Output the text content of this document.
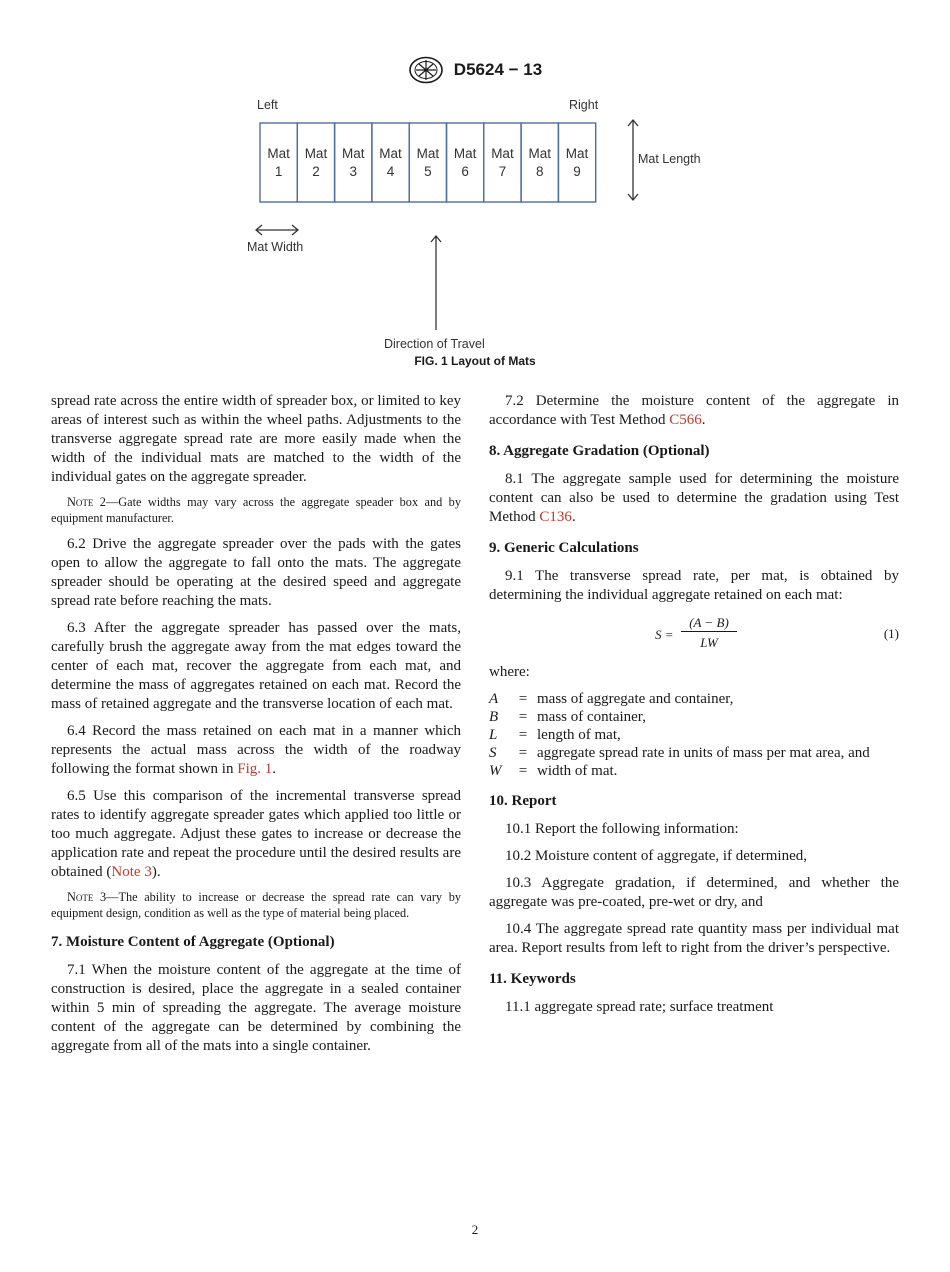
D5624 − 13
Left	Right
Mat
1
Mat
2
Mat
3
Mat
4
Mat
5
Mat
6
Mat
7
Mat
8
Mat
9
Mat Length
Mat Width
Direction of Travel
FIG. 1 Layout of Mats

spread rate across the entire width of spreader box, or limited to key areas of interest such as within the wheel paths. Adjustments to the transverse aggregate spread rate are more easily made when the width of the individual mats are matched to the width of the individual gates on the aggregate spreader.

Note 2—Gate widths may vary across the aggregate speader box and by equipment manufacturer.

6.2 Drive the aggregate spreader over the pads with the gates open to allow the aggregate to fall onto the mats. The aggregate spreader should be operating at the desired speed and aggregate spread rate before reaching the mats.

6.3 After the aggregate spreader has passed over the mats, carefully brush the aggregate away from the mat edges toward the center of each mat, recover the aggregate from each mat, and determine the mass of aggregates retained on each mat. Record the mass of retained aggregate and the transverse location of each mat.

6.4 Record the mass retained on each mat in a manner which represents the actual mass across the width of the roadway following the format shown in Fig. 1.

6.5 Use this comparison of the incremental transverse spread rates to identify aggregate spreader gates which applied too little or too much aggregate. Adjust these gates to increase or decrease the application rate and repeat the procedure until the desired results are obtained (Note 3).

Note 3—The ability to increase or decrease the spread rate can vary by equipment design, condition as well as the type of material being placed.
7. Moisture Content of Aggregate (Optional)

7.1 When the moisture content of the aggregate at the time of construction is desired, place the aggregate in a sealed container within 5 min of spreading the aggregate. The average moisture content of the aggregate can be determined by combining the aggregate from all of the mats into a single container.

7.2 Determine the moisture content of the aggregate in accordance with Test Method C566.

8. Aggregate Gradation (Optional)

8.1 The aggregate sample used for determining the moisture content can also be used to determine the gradation using Test Method C136.

9. Generic Calculations

9.1 The transverse spread rate, per mat, is obtained by determining the individual aggregate retained on each mat:

S =
(A − B)
LW
(1)

where:

A	= mass of aggregate and container,
B	= mass of container,
L	= length of mat,
S	= aggregate spread rate in units of mass per mat area, and
W	= width of mat.
10. Report

10.1 Report the following information:

10.2 Moisture content of aggregate, if determined,

10.3 Aggregate gradation, if determined, and whether the aggregate was pre-coated, pre-wet or dry, and

10.4 The aggregate spread rate quantity mass per individual mat area. Report results from left to right from the driver’s perspective.

11. Keywords

11.1 aggregate spread rate; surface treatment

2
